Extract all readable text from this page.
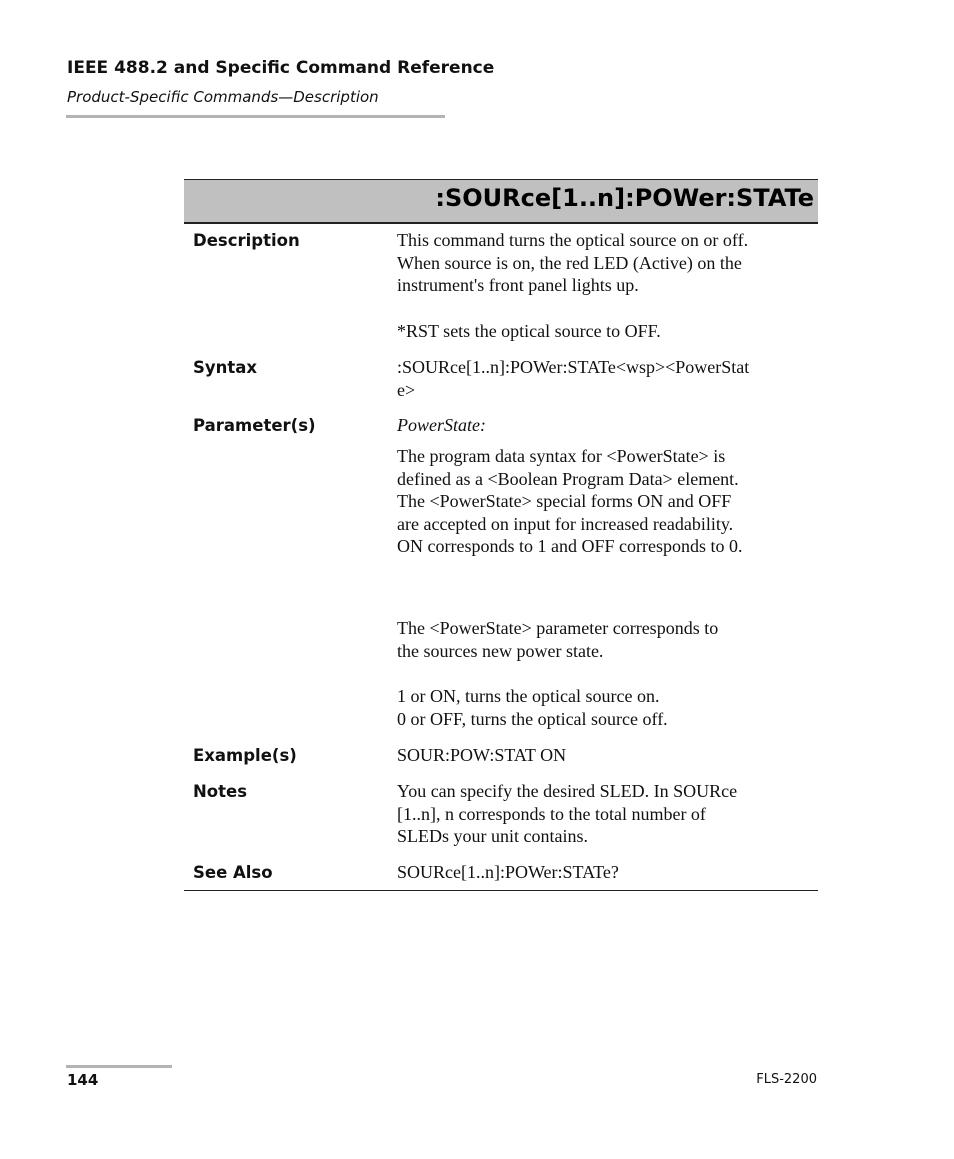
IEEE 488.2 and Specific Command Reference
Product-Specific Commands—Description
:SOURce[1..n]:POWer:STATe
Description	This command turns the optical source on or off.
When source is on, the red LED (Active) on the
instrument's front panel lights up.
*RST sets the optical source to OFF.
Syntax	:SOURce[1..n]:POWer:STATe<wsp><PowerStat
e>
Parameter(s)	PowerState:
The program data syntax for <PowerState> is
defined as a <Boolean Program Data> element.
The <PowerState> special forms ON and OFF
are accepted on input for increased readability.
ON corresponds to 1 and OFF corresponds to 0.
The <PowerState> parameter corresponds to
the sources new power state.
1 or ON, turns the optical source on.
0 or OFF, turns the optical source off.
Example(s)	SOUR:POW:STAT ON
Notes	You can specify the desired SLED. In SOURce
[1..n], n corresponds to the total number of
SLEDs your unit contains.
See Also	SOURce[1..n]:POWer:STATe?
144	FLS-2200
